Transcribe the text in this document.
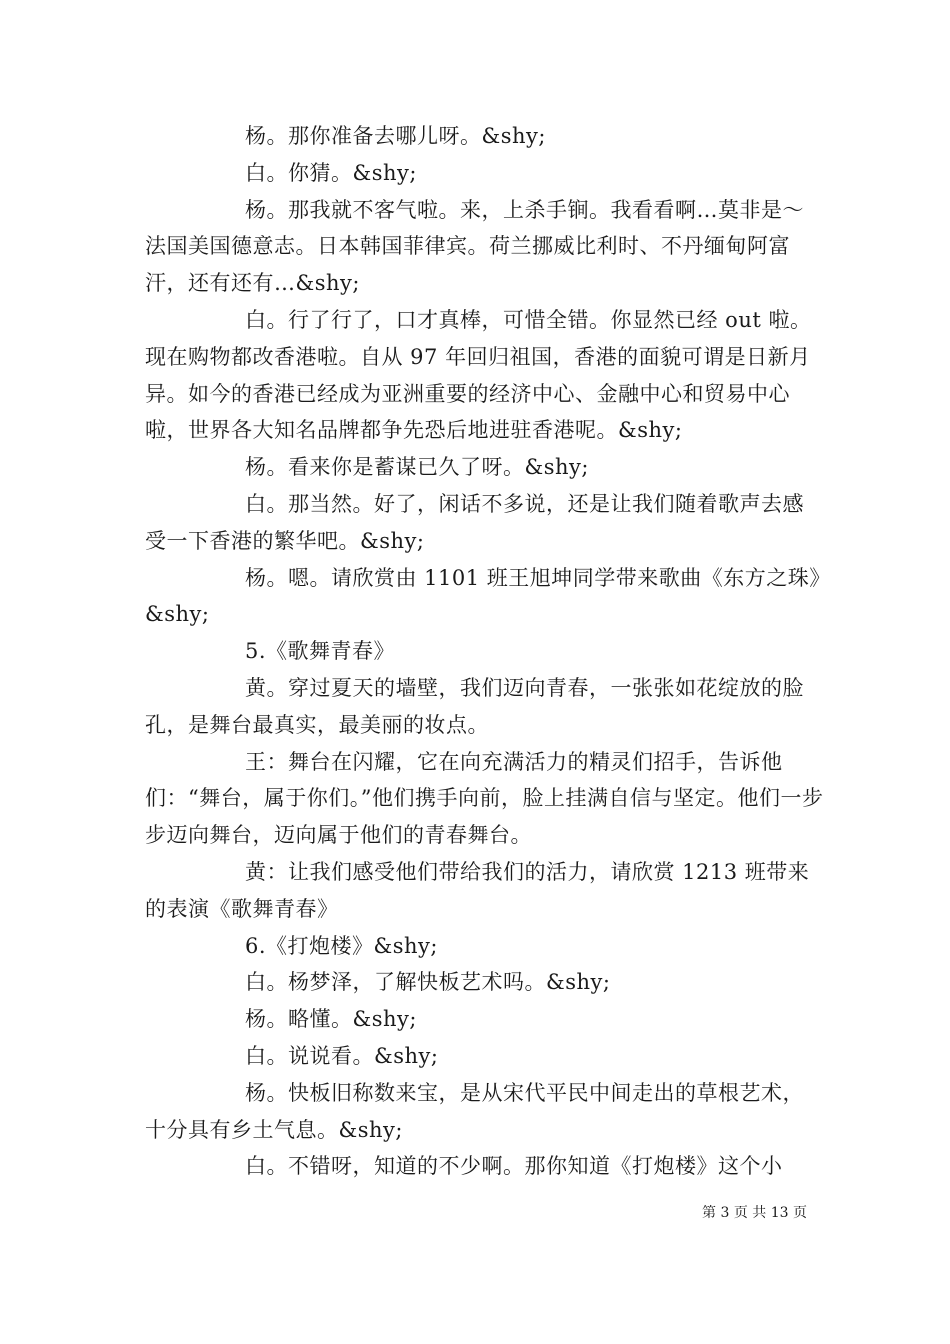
杨。那你准备去哪儿呀。&shy;

白。你猜。&shy;

杨。那我就不客气啦。来，上杀手锏。我看看啊…莫非是～法国美国德意志。日本韩国菲律宾。荷兰挪威比利时、不丹缅甸阿富汗，还有还有…&shy;

白。行了行了，口才真棒，可惜全错。你显然已经 out 啦。现在购物都改香港啦。自从 97 年回归祖国，香港的面貌可谓是日新月异。如今的香港已经成为亚洲重要的经济中心、金融中心和贸易中心啦，世界各大知名品牌都争先恐后地进驻香港呢。&shy;

杨。看来你是蓄谋已久了呀。&shy;

白。那当然。好了，闲话不多说，还是让我们随着歌声去感受一下香港的繁华吧。&shy;

杨。嗯。请欣赏由 1101 班王旭坤同学带来歌曲《东方之珠》&shy;

5.《歌舞青春》

黄。穿过夏天的墙壁，我们迈向青春，一张张如花绽放的脸孔，是舞台最真实，最美丽的妆点。

王：舞台在闪耀，它在向充满活力的精灵们招手，告诉他们：“舞台，属于你们。”他们携手向前，脸上挂满自信与坚定。他们一步步迈向舞台，迈向属于他们的青春舞台。

黄：让我们感受他们带给我们的活力，请欣赏 1213 班带来的表演《歌舞青春》

6.《打炮楼》&shy;

白。杨梦泽，了解快板艺术吗。&shy;

杨。略懂。&shy;

白。说说看。&shy;

杨。快板旧称数来宝，是从宋代平民中间走出的草根艺术，十分具有乡土气息。&shy;

白。不错呀，知道的不少啊。那你知道《打炮楼》这个小

第 3 页 共 13 页
